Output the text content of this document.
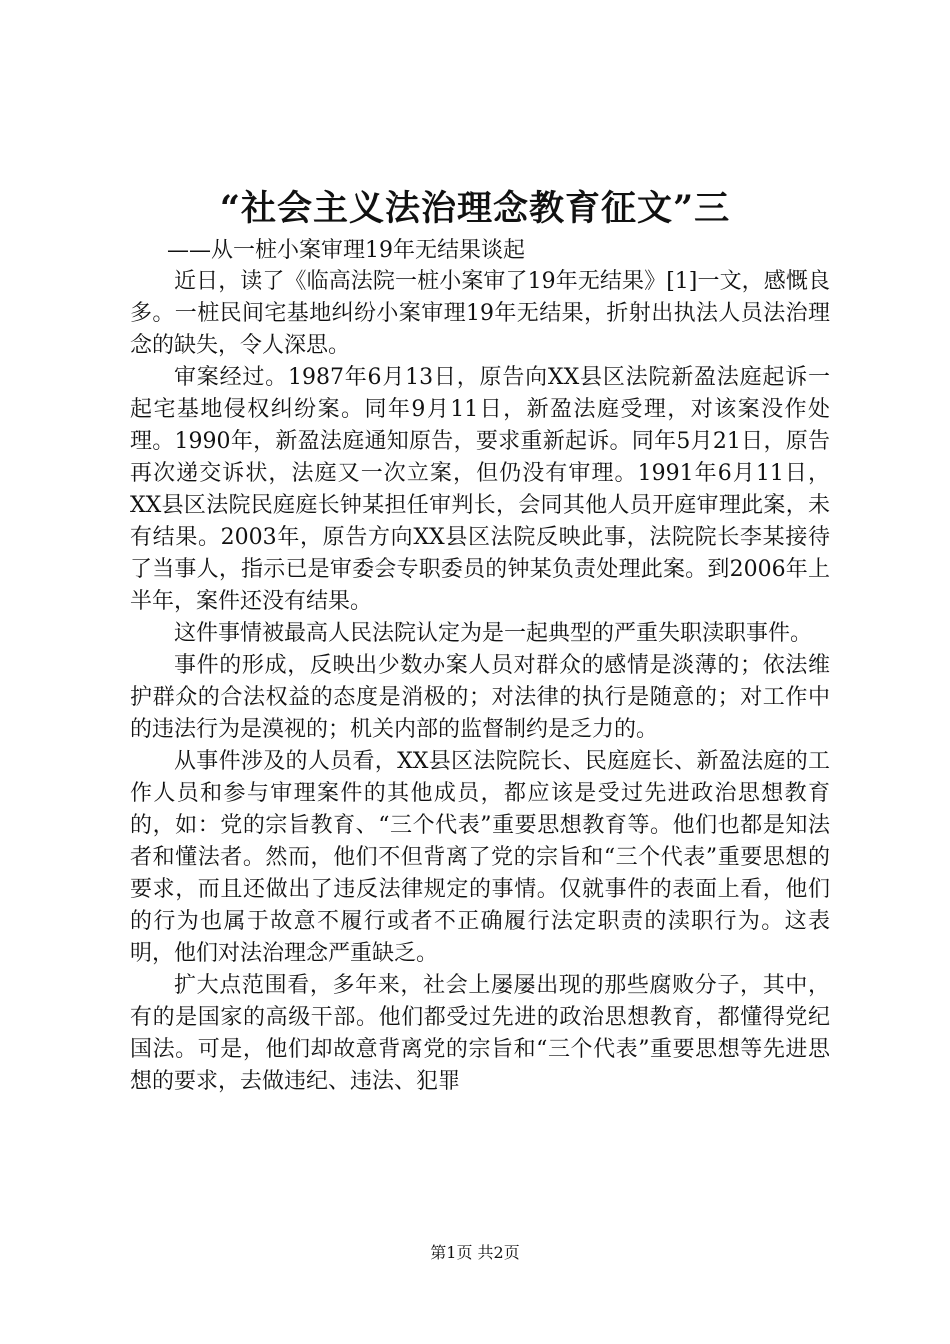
“社会主义法治理念教育征文”三

——从一桩小案审理19年无结果谈起

近日，读了《临高法院一桩小案审了19年无结果》[1]一文，感慨良多。一桩民间宅基地纠纷小案审理19年无结果，折射出执法人员法治理念的缺失，令人深思。

审案经过。1987年6月13日，原告向XX县区法院新盈法庭起诉一起宅基地侵权纠纷案。同年9月11日，新盈法庭受理，对该案没作处理。1990年，新盈法庭通知原告，要求重新起诉。同年5月21日，原告再次递交诉状，法庭又一次立案，但仍没有审理。1991年6月11日，XX县区法院民庭庭长钟某担任审判长，会同其他人员开庭审理此案，未有结果。2003年，原告方向XX县区法院反映此事，法院院长李某接待了当事人，指示已是审委会专职委员的钟某负责处理此案。到2006年上半年，案件还没有结果。

这件事情被最高人民法院认定为是一起典型的严重失职渎职事件。

事件的形成，反映出少数办案人员对群众的感情是淡薄的；依法维护群众的合法权益的态度是消极的；对法律的执行是随意的；对工作中的违法行为是漠视的；机关内部的监督制约是乏力的。

从事件涉及的人员看，XX县区法院院长、民庭庭长、新盈法庭的工作人员和参与审理案件的其他成员，都应该是受过先进政治思想教育的，如：党的宗旨教育、“三个代表”重要思想教育等。他们也都是知法者和懂法者。然而，他们不但背离了党的宗旨和“三个代表”重要思想的要求，而且还做出了违反法律规定的事情。仅就事件的表面上看，他们的行为也属于故意不履行或者不正确履行法定职责的渎职行为。这表明，他们对法治理念严重缺乏。

扩大点范围看，多年来，社会上屡屡出现的那些腐败分子，其中，有的是国家的高级干部。他们都受过先进的政治思想教育，都懂得党纪国法。可是，他们却故意背离党的宗旨和“三个代表”重要思想等先进思想的要求，去做违纪、违法、犯罪

第1页 共2页
